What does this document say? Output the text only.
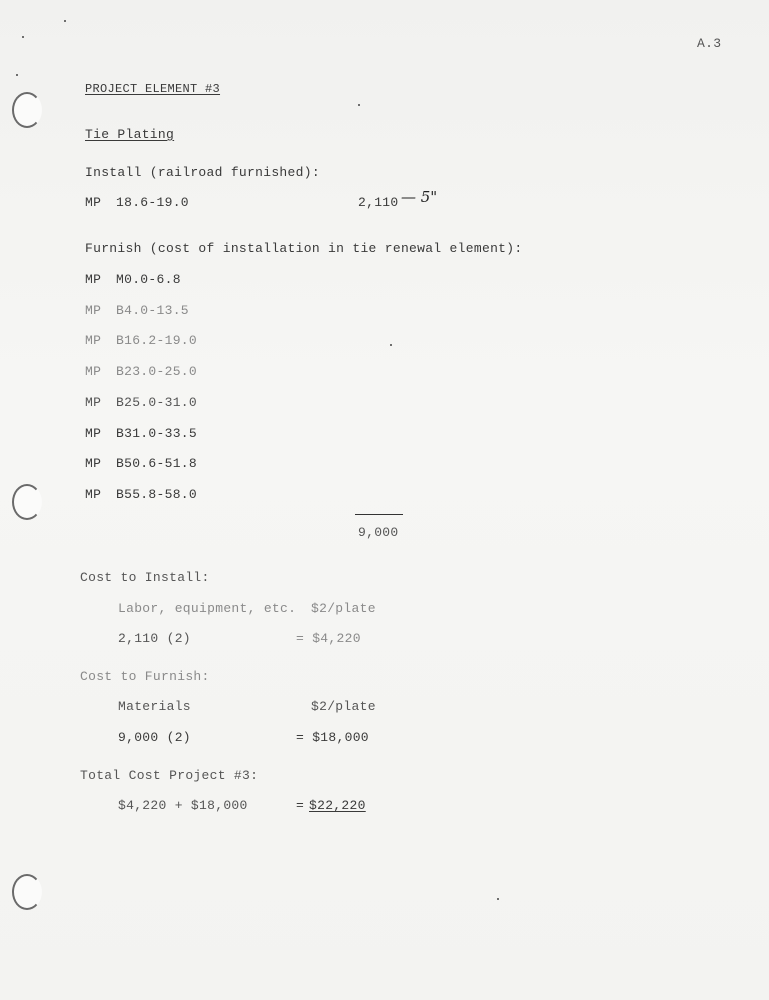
A.3
PROJECT ELEMENT #3
Tie Plating
Install (railroad furnished):
MP 18.6-19.0	2,110 — 5"
Furnish (cost of installation in tie renewal element):
MP M0.0-6.8
MP B4.0-13.5
MP B16.2-19.0
MP B23.0-25.0
MP B25.0-31.0
MP B31.0-33.5
MP B50.6-51.8
MP B55.8-58.0
9,000
Cost to Install:
Labor, equipment, etc. $2/plate
2,110 (2)	= $4,220
Cost to Furnish:
Materials	$2/plate
9,000 (2)	= $18,000
Total Cost Project #3:
$4,220 + $18,000	= $22,220
